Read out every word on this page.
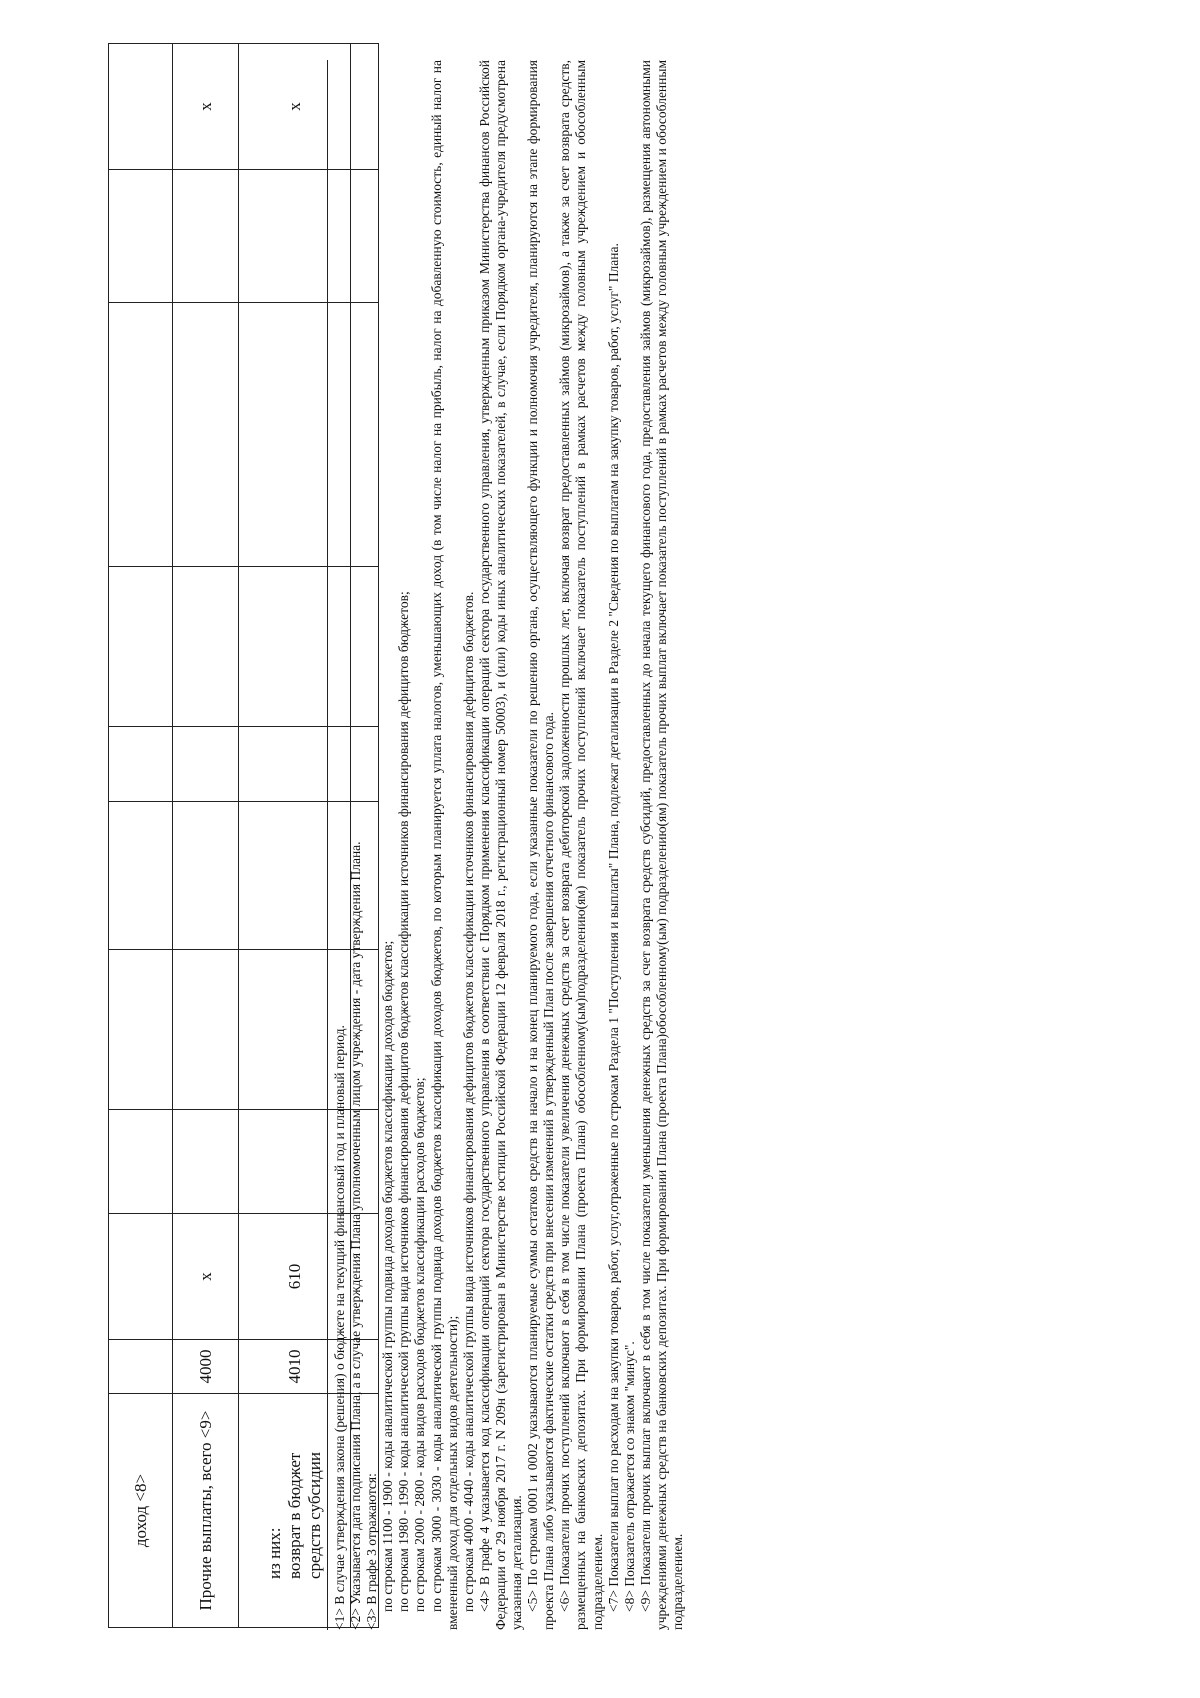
доход <8>										
Прочие выплаты, всего <9>	4000	x								x
из них:
возврат в бюджет средств субсидии	4010	610								x

<1> В случае утверждения закона (решения) о бюджете на текущий финансовый год и плановый период. <2> Указывается дата подписания Плана, а в случае утверждения Плана уполномоченным лицом учреждения - дата утверждения Плана. <3> В графе 3 отражаются: по строкам 1100 - 1900 - коды аналитической группы подвида доходов бюджетов классификации доходов бюджетов; по строкам 1980 - 1990 - коды аналитической группы вида источников финансирования дефицитов бюджетов классификации источников финансирования дефицитов бюджетов; по строкам 2000 - 2800 - коды видов расходов бюджетов классификации расходов бюджетов; по строкам 3000 - 3030 - коды аналитической группы подвида доходов бюджетов классификации доходов бюджетов, по которым планируется уплата налогов, уменьшающих доход (в том числе налог на прибыль, налог на добавленную стоимость, единый налог на вмененный доход для отдельных видов деятельности); по строкам 4000 - 4040 - коды аналитической группы вида источников финансирования дефицитов бюджетов классификации источников финансирования дефицитов бюджетов. <4> В графе 4 указывается код классификации операций сектора государственного управления в соответствии с Порядком применения классификации операций сектора государственного управления, утвержденным приказом Министерства финансов Российской Федерации от 29 ноября 2017 г. N 209н (зарегистрирован в Министерстве юстиции Российской Федерации 12 февраля 2018 г., регистрационный номер 50003), и (или) коды иных аналитических показателей, в случае, если Порядком органа-учредителя предусмотрена указанная детализация. <5> По строкам 0001 и 0002 указываются планируемые суммы остатков средств на начало и на конец планируемого года, если указанные показатели по решению органа, осуществляющего функции и полномочия учредителя, планируются на этапе формирования проекта Плана либо указываются фактические остатки средств при внесении изменений в утвержденный План после завершения отчетного финансового года. <6> Показатели прочих поступлений включают в себя в том числе показатели увеличения денежных средств за счет возврата дебиторской задолженности прошлых лет, включая возврат предоставленных займов (микрозаймов), а также за счет возврата средств, размещенных на банковских депозитах. При формировании Плана (проекта Плана) обособленному(ым)подразделению(ям) показатель прочих поступлений включает показатель поступлений в рамках расчетов между головным учреждением и обособленным подразделением. <7> Показатели выплат по расходам на закупки товаров, работ, услуг,отраженные по строкам Раздела 1 "Поступления и выплаты" Плана, подлежат детализации в Разделе 2 "Сведения по выплатам на закупку товаров, работ, услуг" Плана. <8> Показатель отражается со знаком "минус". <9> Показатели прочих выплат включают в себя в том числе показатели уменьшения денежных средств за счет возврата средств субсидий, предоставленных до начала текущего финансового года, предоставления займов (микрозаймов), размещения автономными учреждениями денежных средств на банковских депозитах. При формировании Плана (проекта Плана)обособленному(ым) подразделению(ям) показатель прочих выплат включает показатель поступлений в рамках расчетов между головным учреждением и обособленным подразделением.
